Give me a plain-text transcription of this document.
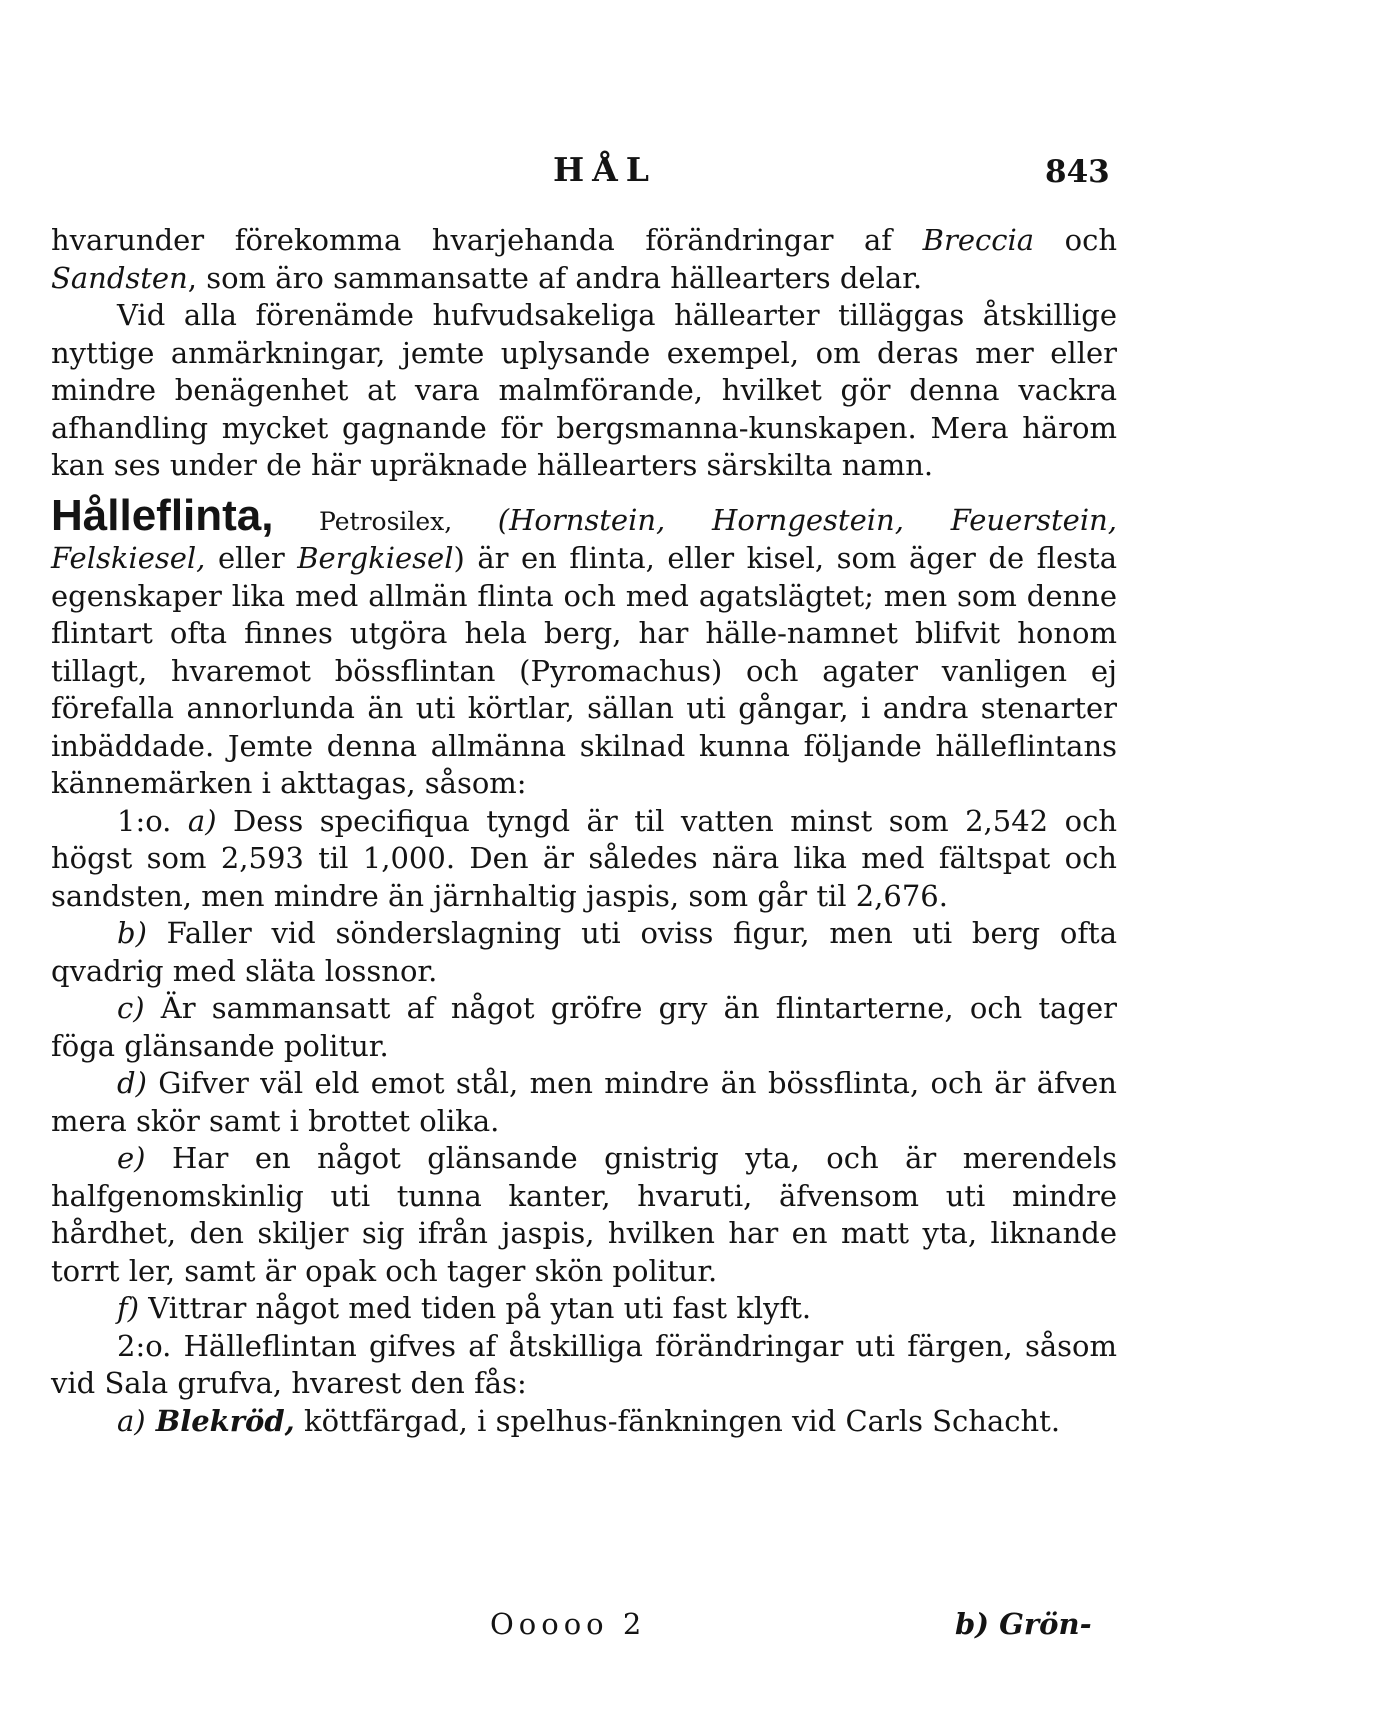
HÅL	843

hvarunder förekomma hvarjehanda förändringar af Breccia och Sandsten, som äro sammansatte af andra hällearters delar.

Vid alla förenämde hufvudsakeliga hällearter tilläggas åtskillige nyttige anmärkningar, jemte uplysande exempel, om deras mer eller mindre benägenhet at vara malmförande, hvilket gör denna vackra afhandling mycket gagnande för bergsmanna-kunskapen. Mera härom kan ses under de här upräknade hällearters särskilta namn.

Hålleflinta, Petrosilex, (Hornstein, Horngestein, Feuerstein, Felskiesel, eller Bergkiesel) är en flinta, eller kisel, som äger de flesta egenskaper lika med allmän flinta och med agatslägtet; men som denne flintart ofta finnes utgöra hela berg, har hälle-namnet blifvit honom tillagt, hvaremot bössflintan (Pyromachus) och agater vanligen ej förefalla annorlunda än uti körtlar, sällan uti gångar, i andra stenarter inbäddade. Jemte denna allmänna skilnad kunna följande hälleflintans kännemärken i akttagas, såsom:

1:o. a) Dess specifiqua tyngd är til vatten minst som 2,542 och högst som 2,593 til 1,000. Den är således nära lika med fältspat och sandsten, men mindre än järnhaltig jaspis, som går til 2,676.

b) Faller vid sönderslagning uti oviss figur, men uti berg ofta qvadrig med släta lossnor.

c) Är sammansatt af något gröfre gry än flintarterne, och tager föga glänsande politur.

d) Gifver väl eld emot stål, men mindre än bössflinta, och är äfven mera skör samt i brottet olika.

e) Har en något glänsande gnistrig yta, och är merendels halfgenomskinlig uti tunna kanter, hvaruti, äfvensom uti mindre hårdhet, den skiljer sig ifrån jaspis, hvilken har en matt yta, liknande torrt ler, samt är opak och tager skön politur.

f) Vittrar något med tiden på ytan uti fast klyft.

2:o. Hälleflintan gifves af åtskilliga förändringar uti färgen, såsom vid Sala grufva, hvarest den fås:

a) Blekröd, köttfärgad, i spelhus-fänkningen vid Carls Schacht.

Ooooo 2	b) Grön-
